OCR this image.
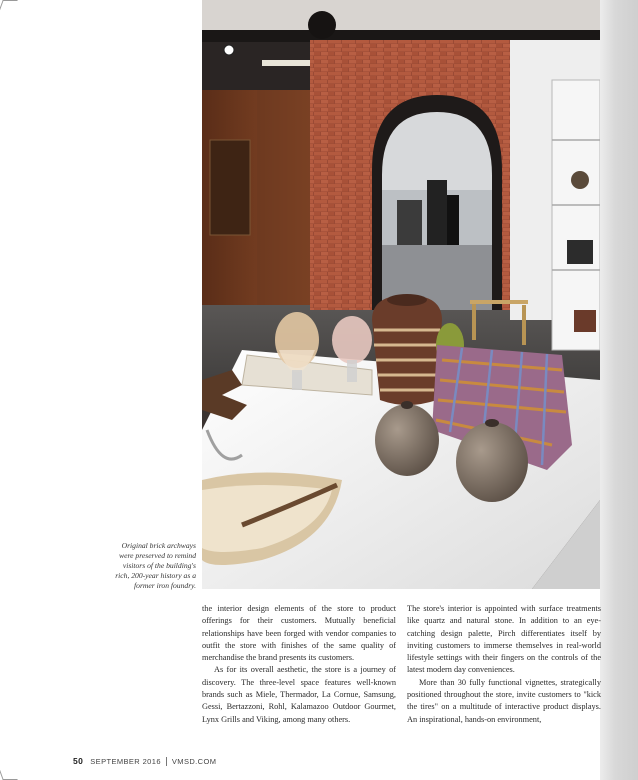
Original brick archways
were preserved to remind
visitors of the building's
rich, 200-year history as a
former iron foundry.

the interior design elements of the store to product offerings for their customers. Mutually beneficial relationships have been forged with vendor companies to outfit the store with finishes of the same quality of merchandise the brand presents its customers.

As for its overall aesthetic, the store is a journey of discovery. The three-level space features well-known brands such as Miele, Thermador, La Cornue, Samsung, Gessi, Bertazzoni, Rohl, Kalamazoo Outdoor Gourmet, Lynx Grills and Viking, among many others.

The store's interior is appointed with surface treatments like quartz and natural stone. In addition to an eye-catching design palette, Pirch differentiates itself by inviting customers to immerse themselves in real-world lifestyle settings with their fingers on the controls of the latest modern day conveniences.

More than 30 fully functional vignettes, strategically positioned throughout the store, invite customers to "kick the tires" on a multitude of interactive product displays. An inspirational, hands-on environment,

50 SEPTEMBER 2016 VMSD.COM
